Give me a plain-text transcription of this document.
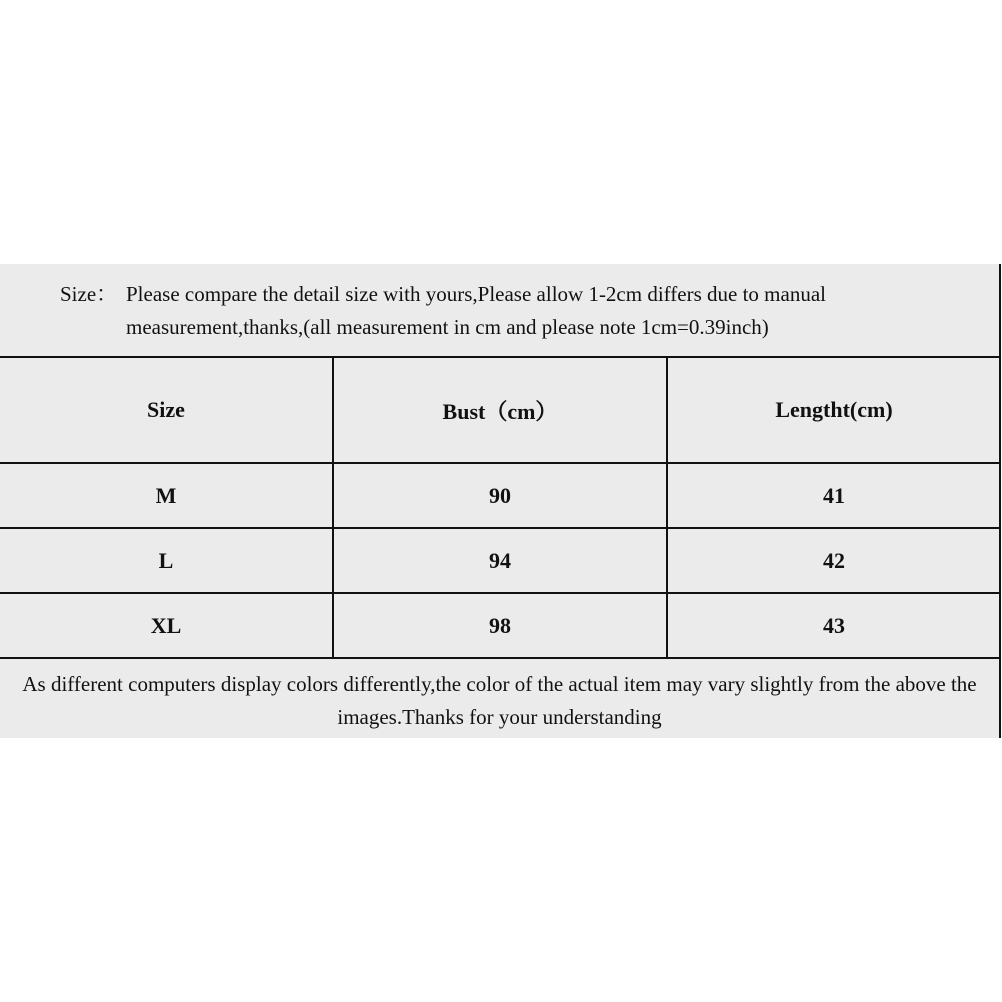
Size： Please compare the detail size with yours,Please allow 1-2cm differs due to manual measurement,thanks,(all measurement in cm and please note 1cm=0.39inch)
Size	Bust（cm）	Lengtht(cm)
M	90	41
L	94	42
XL	98	43
As different computers display colors differently,the color of the actual item may vary slightly from the above the images.Thanks for your understanding
